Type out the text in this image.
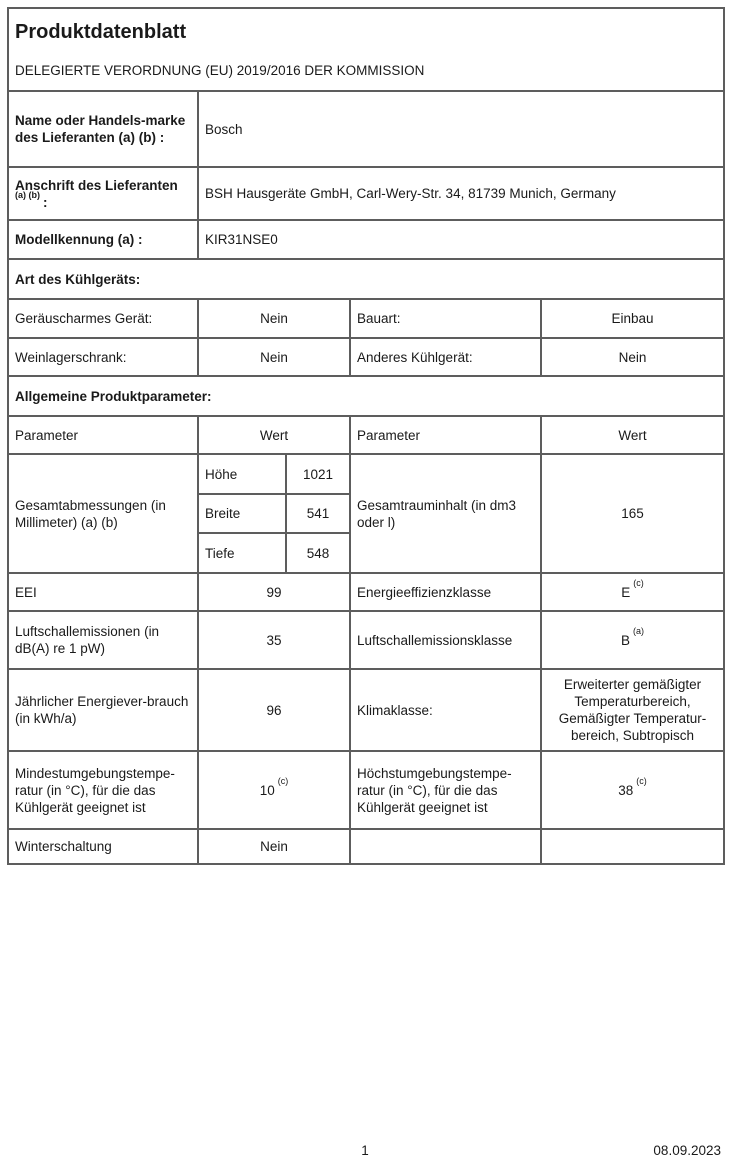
Produktdatenblatt
DELEGIERTE VERORDNUNG (EU) 2019/2016 DER KOMMISSION				

Name oder Handels-marke des Lieferanten (a) (b) :	Bosch			

Anschrift des Lieferanten
$^{(a) (b)}$ :	BSH Hausgeräte GmbH, Carl-Wery-Str. 34, 81739 Munich, Germany			
Modellkennung (a) :	KIR31NSE0			
Art des Kühlgeräts:				
Geräuscharmes Gerät:	Nein		Bauart:	Einbau
Weinlagerschrank:	Nein		Anderes Kühlgerät:	Nein
Allgemeine Produktparameter:				
Parameter	Wert		Parameter	Wert
Gesamtabmessungen (in Millimeter) (a) (b)	Höhe	1021	Gesamtrauminhalt (in dm3 oder l)	165
	Breite	541		
	Tiefe	548		
EEI	99		Energieeffizienzklasse	$E^{(c)}$
Luftschallemissionen (in dB(A) re 1 pW)	35		Luftschallemissionsklasse	$B^{(a)}$
Jährlicher Energiever-brauch (in kWh/a)	96		Klimaklasse:	Erweiterter gemäßigter Temperaturbereich, Gemäßigter Temperatur-bereich, Subtropisch
Mindestumgebungstempe-ratur (in °C), für die das Kühlgerät geeignet ist	10$^{(c)}$		Höchstumgebungstempe-ratur (in °C), für die das Kühlgerät geeignet ist	38$^{(c)}$
Winterschaltung	Nein			
1	08.09.2023
